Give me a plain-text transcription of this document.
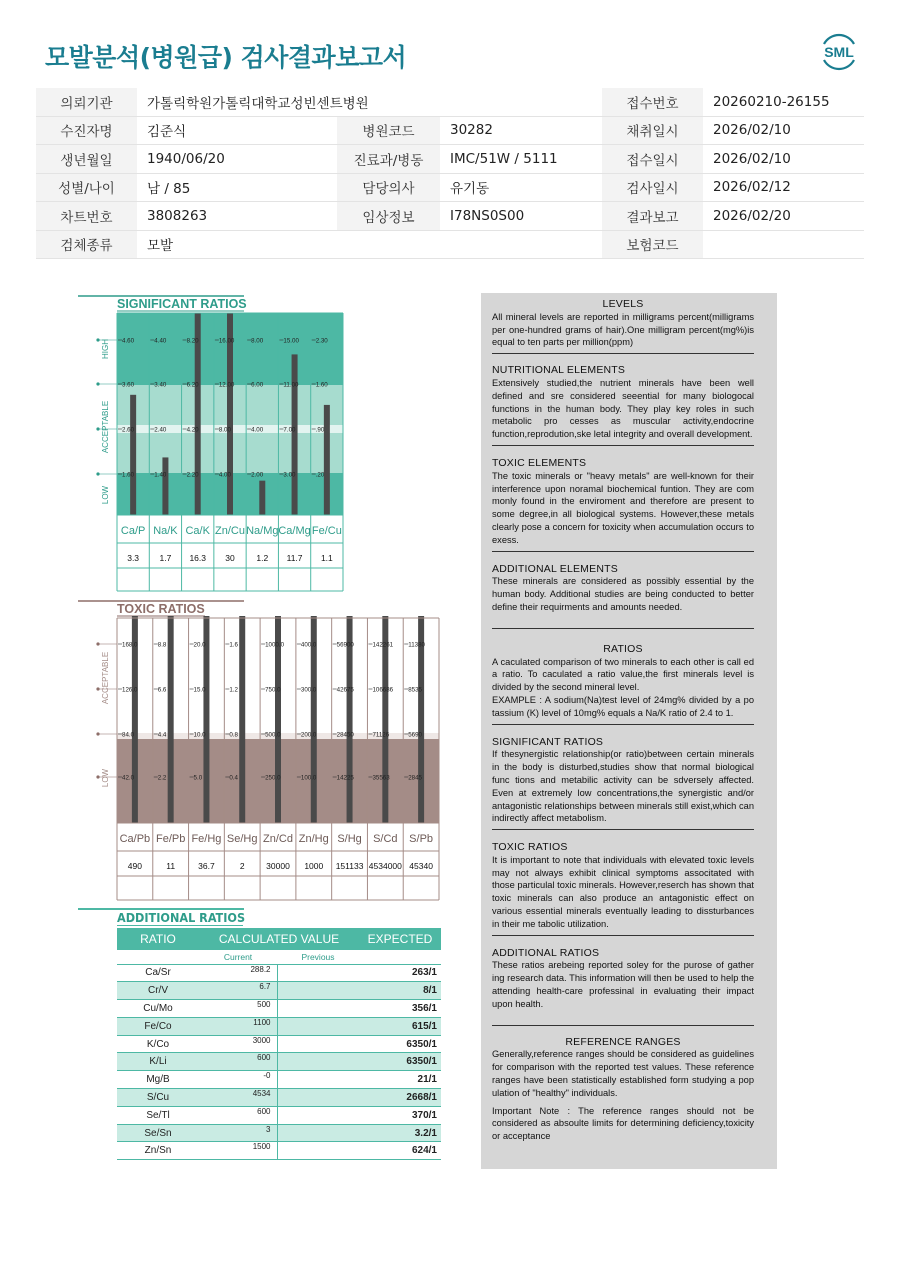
모발분석(병원급) 검사결과보고서	SML
의뢰기관	가톨릭학원가톨릭대학교성빈센트병원			접수번호	20260210-26155
수진자명	김준식	병원코드	30282	채취일시	2026/02/10
생년월일	1940/06/20	진료과/병동	IMC/51W / 5111	접수일시	2026/02/10
성별/나이	남 / 85	담당의사	유기동	검사일시	2026/02/12
차트번호	3808263	임상정보	I78NS0S00	결과보고	2026/02/20
검체종류	모발			보험코드	
SIGNIFICANT RATIOS
HIGH
ACCEPTABLE
LOW
4.60
3.60
2.60
1.60
Ca/P
3.3
4.40
3.40
2.40
1.40
Na/K
1.7
8.20
6.20
4.20
2.20
Ca/K
16.3
16.00
12.00
8.00
4.00
Zn/Cu
30
8.00
6.00
4.00
2.00
Na/Mg
1.2
15.00
11.00
7.00
3.00
Ca/Mg
11.7
2.30
1.60
.90
.20
Fe/Cu
1.1
TOXIC RATIOS
ACCEPTABLE
LOW
168.0
126.0
84.0
42.0
Ca/Pb
490
8.8
6.6
4.4
2.2
Fe/Pb
11
20.0
15.0
10.0
5.0
Fe/Hg
36.7
1.6
1.2
0.8
0.4
Se/Hg
2
1000.0
750.0
500.0
250.0
Zn/Cd
30000
400.0
300.0
200.0
100.0
Zn/Hg
1000
56900
42675
28450
14225
S/Hg
151133
142261
106686
71126
35563
S/Cd
4534000
11380
8535
5690
2845
S/Pb
45340
ADDITIONAL RATIOS
RATIO	CALCULATED VALUE		EXPECTED
	Current	Previous	
Ca/Sr	288.2		263/1
Cr/V	6.7		8/1
Cu/Mo	500		356/1
Fe/Co	1100		615/1
K/Co	3000		6350/1
K/Li	600		6350/1
Mg/B	-0		21/1
S/Cu	4534		2668/1
Se/Tl	600		370/1
Se/Sn	3		3.2/1
Zn/Sn	1500		624/1
LEVELS

All mineral levels are reported in milligrams percent(milligrams per one-hundred grams of hair).One milligram percent(mg%)is equal to ten parts per million(ppm)

NUTRITIONAL ELEMENTS

Extensively studied,the nutrient minerals have been well defined and sre considered seeential for many biologocal functions in the human body. They play key roles in such metabolic pro cesses as muscular activity,endocrine function,reprodution,ske letal integrity and overall development.

TOXIC ELEMENTS

The toxic minerals or "heavy metals" are well-known for their interference upon noramal biochemical funtion. They are com monly found in the enviroment and therefore are present to some degree,in all biological systems. However,these metals clearly pose a concern for toxicity when accumulation occurs to exess.

ADDITIONAL ELEMENTS

These minerals are considered as possibly essential by the human body. Additional studies are being conducted to better define their requirments and amounts needed.

RATIOS

A caculated comparison of two minerals to each other is call ed a ratio. To caculated a ratio value,the first minerals level is divided by the second mineral level.

EXAMPLE : A sodium(Na)test level of 24mg% divided by a po tassium (K) level of 10mg% equals a Na/K ratio of 2.4 to 1.

SIGNIFICANT RATIOS

If thesynergistic relationship(or ratio)between certain minerals in the body is disturbed,studies show that normal biological func tions and metabilic activity can be sdversely affected. Even at extremely low concentrations,the synergistic and/or antagonistic relationships between minerals still exist,which can indirectly affect metabolism.

TOXIC RATIOS

It is important to note that individuals with elevated toxic levels may not always exhibit clinical symptoms associtated with those particulal toxic minerals. However,reserch has shown that toxic minerals can also produce an antagonistic effect on various essential minerals eventually leading to dissturbances in their me tabolic utilization.

ADDITIONAL RATIOS

These ratios arebeing reported soley for the purose of gather ing research data. This information will then be used to help the attending health-care professinal in evaluating their impact upon health.

REFERENCE RANGES

Generally,reference ranges should be considered as guidelines for comparison with the reported test values. These reference ranges have been statistically established form studying a pop ulation of "healthy" individuals.

Important Note : The reference ranges should not be considered as absoulte limits for determining deficiency,toxicity or acceptance
